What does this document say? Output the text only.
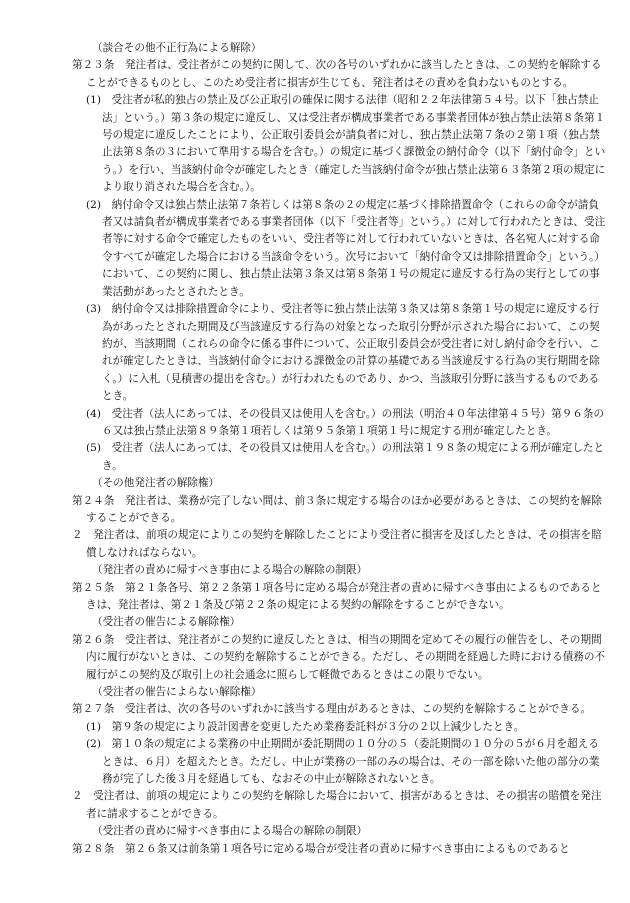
（談合その他不正行為による解除）

第２３条　発注者は、受注者がこの契約に関して、次の各号のいずれかに該当したときは、この契約を解除することができるものとし、このため受注者に損害が生じても、発注者はその責めを負わないものとする。

(1)　受注者が私的独占の禁止及び公正取引の確保に関する法律（昭和２２年法律第５４号。以下「独占禁止法」という。）第３条の規定に違反し、又は受注者が構成事業者である事業者団体が独占禁止法第８条第１号の規定に違反したことにより、公正取引委員会が請負者に対し、独占禁止法第７条の２第１項（独占禁止法第８条の３において準用する場合を含む。）の規定に基づく課徴金の納付命令（以下「納付命令」という。）を行い、当該納付命令が確定したとき（確定した当該納付命令が独占禁止法第６３条第２項の規定により取り消された場合を含む。）。

(2)　納付命令又は独占禁止法第７条若しくは第８条の２の規定に基づく排除措置命令（これらの命令が請負者又は請負者が構成事業者である事業者団体（以下「受注者等」という。）に対して行われたときは、受注者等に対する命令で確定したものをいい、受注者等に対して行われていないときは、各名宛人に対する命令すべてが確定した場合における当該命令をいう。次号において「納付命令又は排除措置命令」という。）において、この契約に関し、独占禁止法第３条又は第８条第１号の規定に違反する行為の実行としての事業活動があったとされたとき。

(3)　納付命令又は排除措置命令により、受注者等に独占禁止法第３条又は第８条第１号の規定に違反する行為があったとされた期間及び当該違反する行為の対象となった取引分野が示された場合において、この契約が、当該期間（これらの命令に係る事件について、公正取引委員会が受注者に対し納付命令を行い、これが確定したときは、当該納付命令における課徴金の計算の基礎である当該違反する行為の実行期間を除く。）に入札（見積書の提出を含む。）が行われたものであり、かつ、当該取引分野に該当するものであるとき。

(4)　受注者（法人にあっては、その役員又は使用人を含む。）の刑法（明治４０年法律第４５号）第９６条の６又は独占禁止法第８９条第１項若しくは第９５条第１項第１号に規定する刑が確定したとき。

(5)　受注者（法人にあっては、その役員又は使用人を含む。）の刑法第１９８条の規定による刑が確定したとき。

（その他発注者の解除権）

第２４条　発注者は、業務が完了しない間は、前３条に規定する場合のほか必要があるときは、この契約を解除することができる。

２　発注者は、前項の規定によりこの契約を解除したことにより受注者に損害を及ぼしたときは、その損害を賠償しなければならない。

（発注者の責めに帰すべき事由による場合の解除の制限）

第２５条　第２１条各号、第２２条第１項各号に定める場合が発注者の責めに帰すべき事由によるものであるときは、発注者は、第２１条及び第２２条の規定による契約の解除をすることができない。

（受注者の催告による解除権）

第２６条　受注者は、発注者がこの契約に違反したときは、相当の期間を定めてその履行の催告をし、その期間内に履行がないときは、この契約を解除することができる。ただし、その期間を経過した時における債務の不履行がこの契約及び取引上の社会通念に照らして軽微であるときはこの限りでない。

（受注者の催告によらない解除権）

第２７条　受注者は、次の各号のいずれかに該当する理由があるときは、この契約を解除することができる。

(1)　第９条の規定により設計図書を変更したため業務委託料が３分の２以上減少したとき。

(2)　第１０条の規定による業務の中止期間が委託期間の１０分の５（委託期間の１０分の５が６月を超えるときは、６月）を超えたとき。ただし、中止が業務の一部のみの場合は、その一部を除いた他の部分の業務が完了した後３月を経過しても、なおその中止が解除されないとき。

２　受注者は、前項の規定によりこの契約を解除した場合において、損害があるときは、その損害の賠償を発注者に請求することができる。

（受注者の責めに帰すべき事由による場合の解除の制限）

第２８条　第２６条又は前条第１項各号に定める場合が受注者の責めに帰すべき事由によるものであると
